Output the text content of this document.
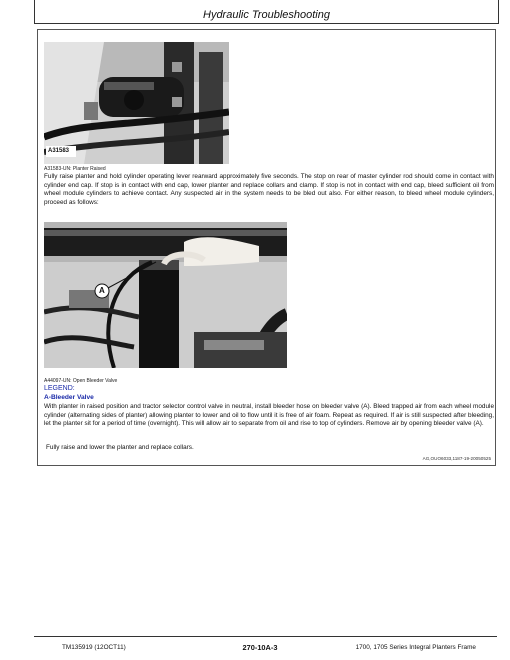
Hydraulic Troubleshooting
A31583
A31583-UN: Planter Raised
Fully raise planter and hold cylinder operating lever rearward approximately five seconds. The stop on rear of master cylinder rod should come in contact with cylinder end cap. If stop is in contact with end cap, lower planter and replace collars and clamp. If stop is not in contact with end cap, bleed sufficient oil from wheel module cylinders to achieve contact. Any suspected air in the system needs to be bled out also. For either reason, to bleed wheel module cylinders, proceed as follows:
A
A44097-UN: Open Bleeder Valve
LEGEND:
A-Bleeder Valve
With planter in raised position and tractor selector control valve in neutral, install bleeder hose on bleeder valve (A). Bleed trapped air from each wheel module cylinder (alternating sides of planter) allowing planter to lower and oil to flow until it is free of air foam. Repeat as required. If air is still suspected after bleeding, let the planter sit for a period of time (overnight). This will allow air to separate from oil and rise to top of cylinders. Remove air by opening bleeder valve (A).
Fully raise and lower the planter and replace collars.
AG,OUO6033,1187-19-20050525
TM135919 (12OCT11)	270-10A-3	1700, 1705 Series Integral Planters Frame
